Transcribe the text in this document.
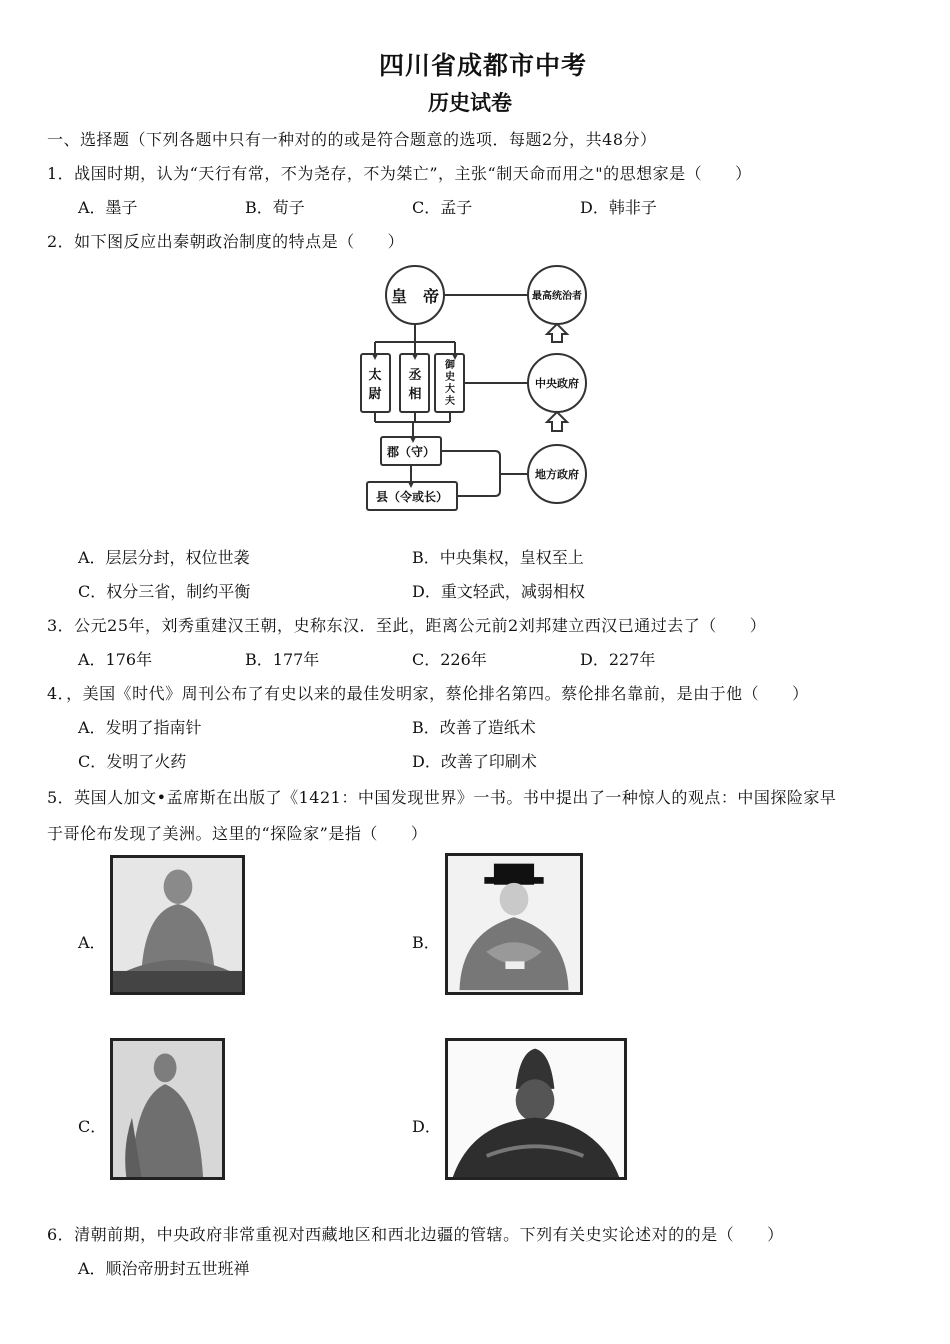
四川省成都市中考
历史试卷
一、选择题（下列各题中只有一种对的的或是符合题意的选项．每题2分，共48分）
1．战国时期，认为“天行有常，不为尧存，不为桀亡”，主张“制天命而用之"的思想家是（　　）
A．墨子	B．荀子	C．孟子	D．韩非子
2．如下图反应出秦朝政治制度的特点是（　　）
皇　帝	最高统治者
中央政府
地方政府
太
尉
丞
相
御
史
大
夫
郡（守）
县（令或长）
A．层层分封，权位世袭	B．中央集权，皇权至上
C．权分三省，制约平衡	D．重文轻武，减弱相权
3．公元25年，刘秀重建汉王朝，史称东汉．至此，距离公元前2刘邦建立西汉已通过去了（　　）
A．176年	B．177年	C．226年	D．227年
4．，美国《时代》周刊公布了有史以来的最佳发明家，蔡伦排名第四。蔡伦排名靠前，是由于他（　　）
A．发明了指南针	B．改善了造纸术
C．发明了火药	D．改善了印刷术
5．英国人加文•孟席斯在出版了《1421：中国发现世界》一书。书中提出了一种惊人的观点：中国探险家早
于哥伦布发现了美洲。这里的“探险家”是指（　　）
A．	B．
C．	D．
6．清朝前期，中央政府非常重视对西藏地区和西北边疆的管辖。下列有关史实论述对的的是（　　）
A．顺治帝册封五世班禅
